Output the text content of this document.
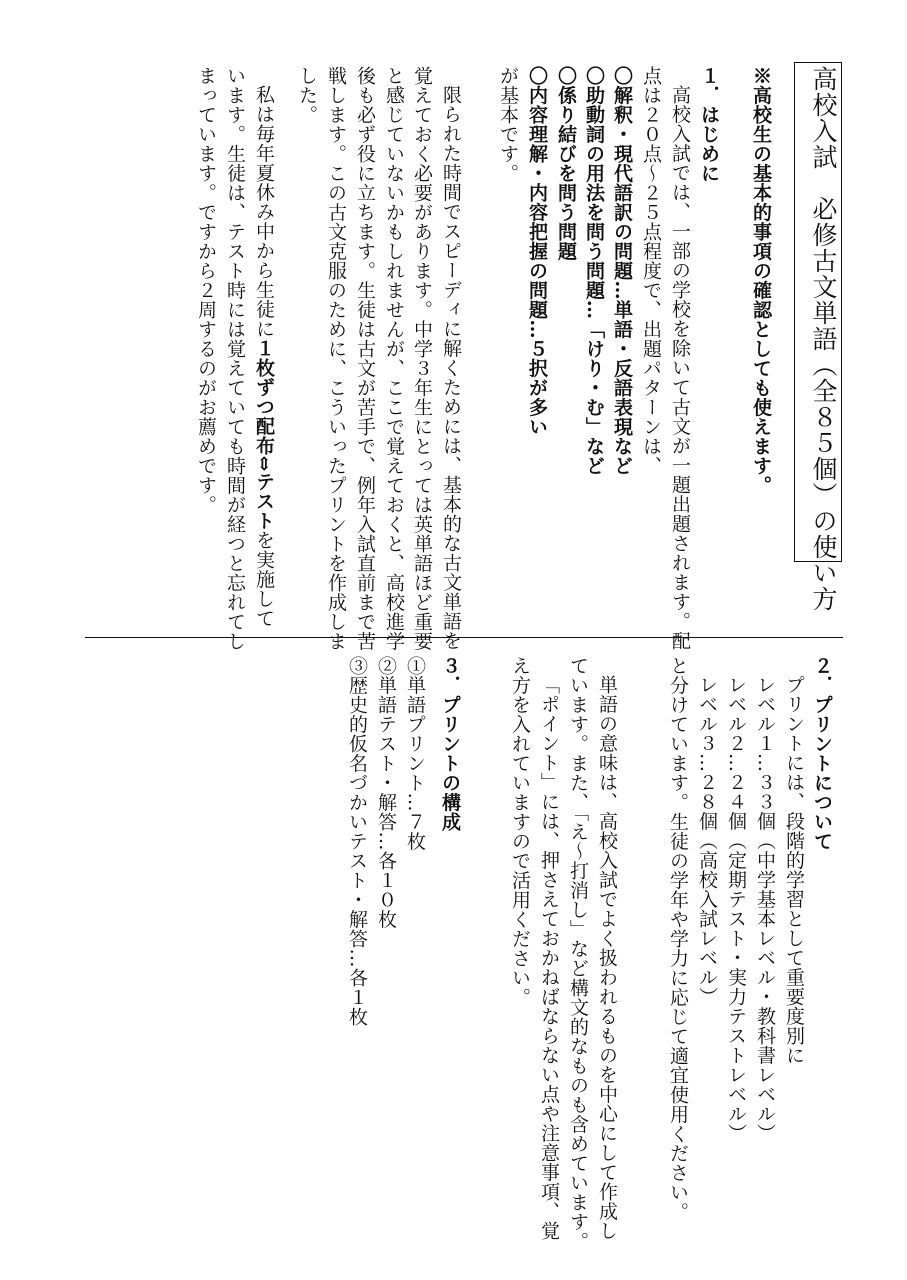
高校入試　必修古文単語（全８５個）の使い方
※高校生の基本的事項の確認としても使えます。
１．はじめに
高校入試では、一部の学校を除いて古文が一題出題されます。配
点は２０点〜２５点程度で、出題パターンは、
〇解釈・現代語訳の問題…単語・反語表現など
〇助動詞の用法を問う問題…「けり・む」など
〇係り結びを問う問題
〇内容理解・内容把握の問題…５択が多い
が基本です。
限られた時間でスピーディに解くためには、基本的な古文単語を
覚えておく必要があります。中学３年生にとっては英単語ほど重要
と感じていないかもしれませんが、ここで覚えておくと、高校進学
後も必ず役に立ちます。生徒は古文が苦手で、例年入試直前まで苦
戦します。この古文克服のために、こういったプリントを作成しま
した。
私は毎年夏休み中から生徒に１枚ずつ配布⇔テストを実施して
います。生徒は、テスト時には覚えていても時間が経つと忘れてし
まっています。ですから２周するのがお薦めです。
２．プリントについて
プリントには、段階的学習として重要度別に
レベル１…３３個（中学基本レベル・教科書レベル）
レベル２…２４個（定期テスト・実力テストレベル）
レベル３…２８個（高校入試レベル）
と分けています。生徒の学年や学力に応じて適宜使用ください。
単語の意味は、高校入試でよく扱われるものを中心にして作成し
ています。また、「え〜打消し」など構文的なものも含めています。
「ポイント」には、押さえておかねばならない点や注意事項、覚
え方を入れていますので活用ください。
３．プリントの構成
①単語プリント…７枚
②単語テスト・解答…各１０枚
③歴史的仮名づかいテスト・解答…各１枚
